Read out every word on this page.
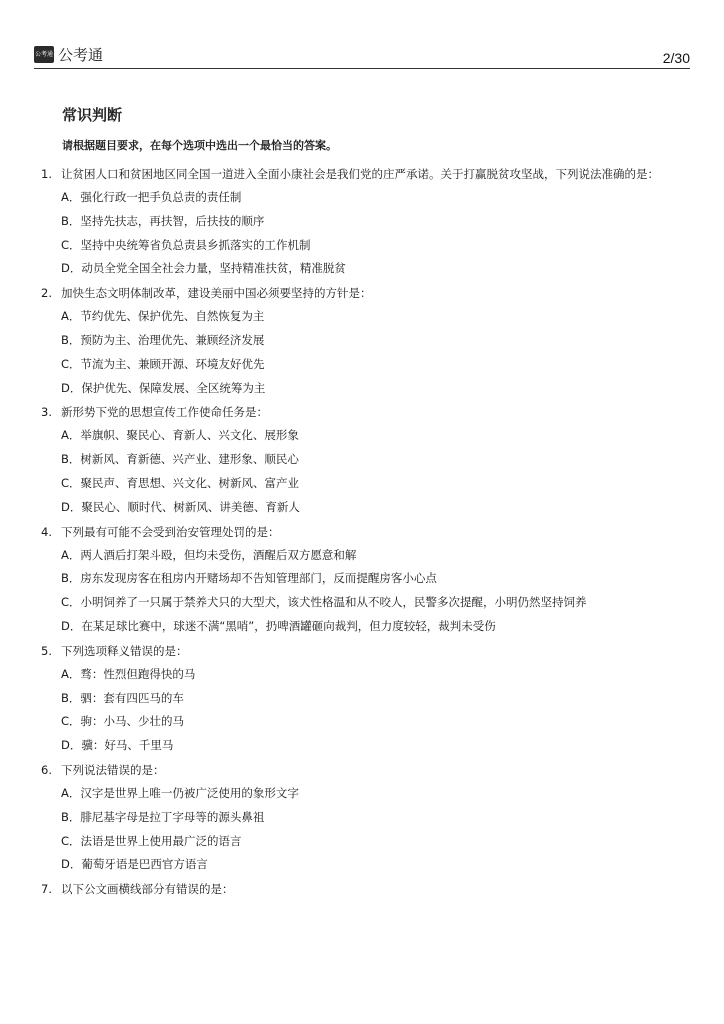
公考通 公考通	2/30
常识判断
请根据题目要求，在每个选项中选出一个最恰当的答案。
1. 让贫困人口和贫困地区同全国一道进入全面小康社会是我们党的庄严承诺。关于打赢脱贫攻坚战，下列说法准确的是：
A．强化行政一把手负总责的责任制
B．坚持先扶志，再扶智，后扶技的顺序
C．坚持中央统筹省负总责县乡抓落实的工作机制
D．动员全党全国全社会力量，坚持精准扶贫，精准脱贫
2. 加快生态文明体制改革，建设美丽中国必须要坚持的方针是：
A．节约优先、保护优先、自然恢复为主
B．预防为主、治理优先、兼顾经济发展
C．节流为主、兼顾开源、环境友好优先
D．保护优先、保障发展、全区统筹为主
3. 新形势下党的思想宣传工作使命任务是：
A．举旗帜、聚民心、育新人、兴文化、展形象
B．树新风、育新德、兴产业、建形象、顺民心
C．聚民声、育思想、兴文化、树新风、富产业
D．聚民心、顺时代、树新风、讲美德、育新人
4. 下列最有可能不会受到治安管理处罚的是：
A．两人酒后打架斗殴，但均未受伤，酒醒后双方愿意和解
B．房东发现房客在租房内开赌场却不告知管理部门，反而提醒房客小心点
C．小明饲养了一只属于禁养犬只的大型犬，该犬性格温和从不咬人，民警多次提醒，小明仍然坚持饲养
D．在某足球比赛中，球迷不满“黑哨”，扔啤酒罐砸向裁判，但力度较轻，裁判未受伤
5. 下列选项释义错误的是：
A．骛：性烈但跑得快的马
B．驷：套有四匹马的车
C．驹：小马、少壮的马
D．骥：好马、千里马
6. 下列说法错误的是：
A．汉字是世界上唯一仍被广泛使用的象形文字
B．腓尼基字母是拉丁字母等的源头鼻祖
C．法语是世界上使用最广泛的语言
D．葡萄牙语是巴西官方语言
7. 以下公文画横线部分有错误的是：
